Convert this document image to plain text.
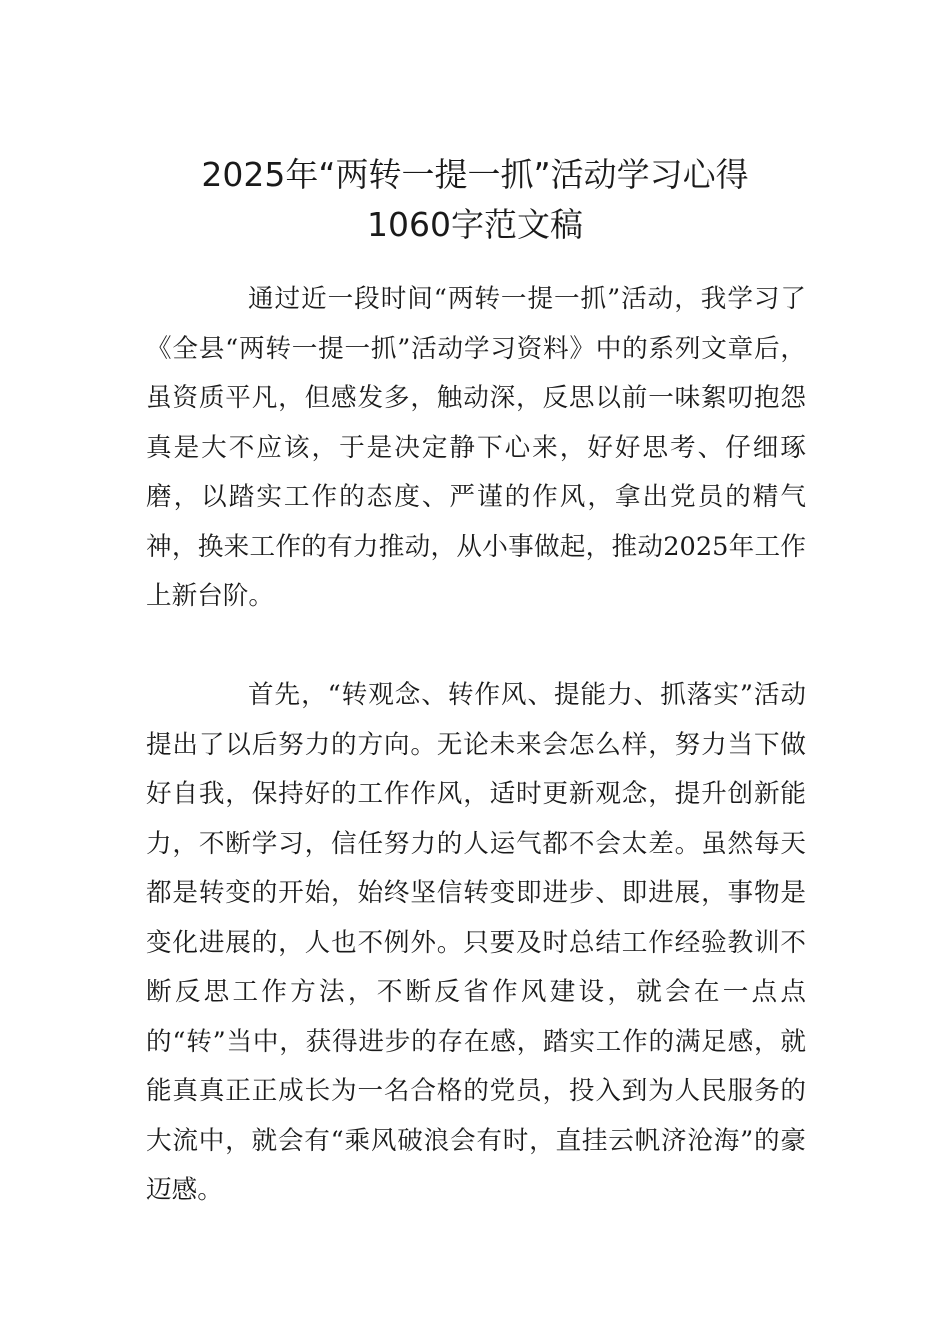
2025年“两转一提一抓”活动学习心得
1060字范文稿

通过近一段时间“两转一提一抓”活动，我学习了《全县“两转一提一抓”活动学习资料》中的系列文章后，虽资质平凡，但感发多，触动深，反思以前一味絮叨抱怨真是大不应该，于是决定静下心来，好好思考、仔细琢磨，以踏实工作的态度、严谨的作风，拿出党员的精气神，换来工作的有力推动，从小事做起，推动2025年工作上新台阶。

首先，“转观念、转作风、提能力、抓落实”活动提出了以后努力的方向。无论未来会怎么样，努力当下做好自我，保持好的工作作风，适时更新观念，提升创新能力，不断学习，信任努力的人运气都不会太差。虽然每天都是转变的开始，始终坚信转变即进步、即进展，事物是变化进展的，人也不例外。只要及时总结工作经验教训不断反思工作方法，不断反省作风建设，就会在一点点的“转”当中，获得进步的存在感，踏实工作的满足感，就能真真正正成长为一名合格的党员，投入到为人民服务的大流中，就会有“乘风破浪会有时，直挂云帆济沧海”的豪迈感。
